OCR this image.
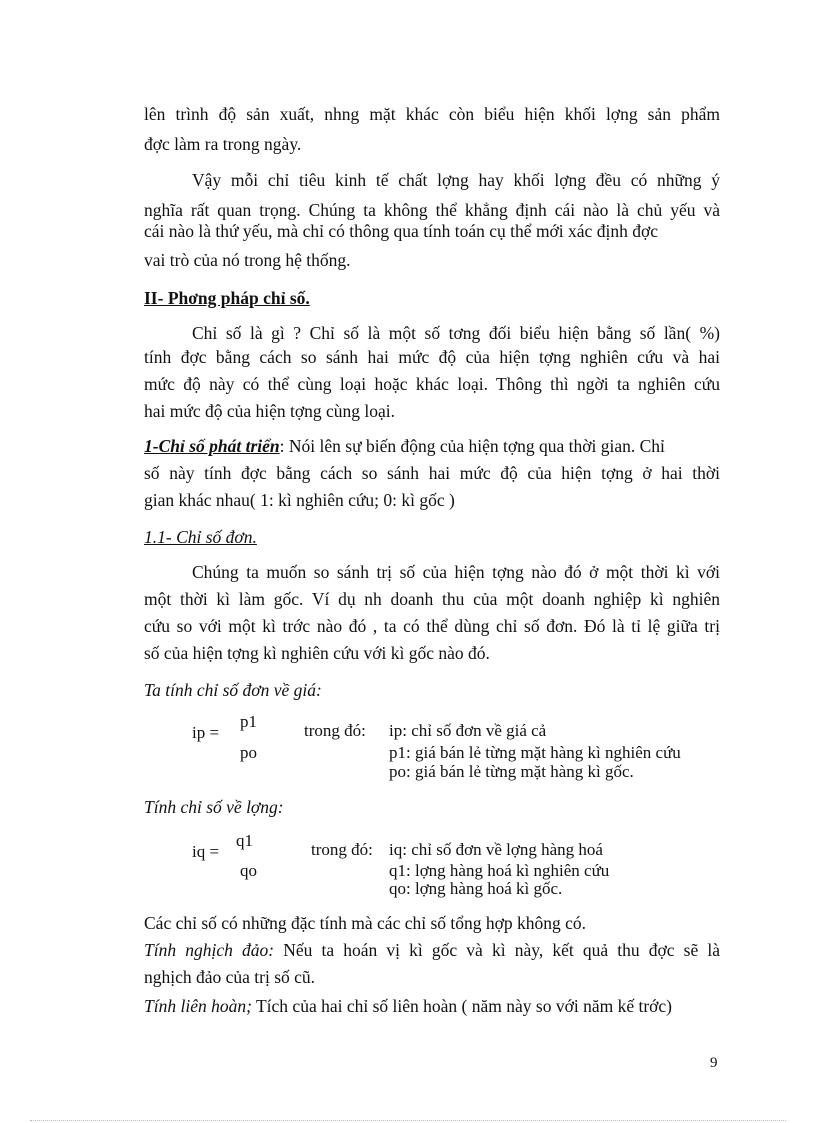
lên trình độ sản xuất, nhng mặt khác còn biểu hiện khối lợng sản phẩm
đợc làm ra trong ngày.
Vậy mỗi chỉ tiêu kinh tế chất lợng hay khối lợng đều có những ý
nghĩa rất quan trọng. Chúng ta không thể khẳng định cái nào là chủ yếu và
cái nào là thứ yếu, mà chỉ có thông qua tính toán cụ thể mới xác định đợc
vai trò của nó trong hệ thống.
II- Phơng pháp chỉ số.
Chỉ số là gì ? Chỉ số là một số tơng đối biểu hiện bằng số lần( %)
tính đợc bằng cách so sánh hai mức độ của hiện tợng nghiên cứu và hai
mức độ này có thể cùng loại hoặc khác loại. Thông thì ngời ta nghiên cứu
hai mức độ của hiện tợng cùng loại.
1-Chỉ số phát triển: Nói lên sự biến động của hiện tợng qua thời gian. Chỉ
số này tính đợc bằng cách so sánh hai mức độ của hiện tợng ở hai thời
gian khác nhau( 1: kì nghiên cứu; 0: kì gốc )
1.1- Chỉ số đơn.
Chúng ta muốn so sánh trị số của hiện tợng nào đó ở một thời kì với
một thời kì làm gốc. Ví dụ nh doanh thu của một doanh nghiệp kì nghiên
cứu so với một kì trớc nào đó , ta có thể dùng chỉ số đơn. Đó là tỉ lệ giữa trị
số của hiện tợng kì nghiên cứu với kì gốc nào đó.
Ta tính chỉ số đơn về giá:
ip =
p1
po
trong đó: ip: chỉ số đơn về giá cả
p1: giá bán lẻ từng mặt hàng kì nghiên cứu
po: giá bán lẻ từng mặt hàng kì gốc.
Tính chỉ số về lợng:
iq =
q1
qo
trong đó: iq: chỉ số đơn về lợng hàng hoá
q1: lợng hàng hoá kì nghiên cứu
qo: lợng hàng hoá kì gốc.
Các chỉ số có những đặc tính mà các chỉ số tổng hợp không có.
Tính nghịch đảo: Nếu ta hoán vị kì gốc và kì này, kết quả thu đợc sẽ là
nghịch đảo của trị số cũ.
Tính liên hoàn; Tích của hai chỉ số liên hoàn ( năm này so với năm kế trớc)
9
